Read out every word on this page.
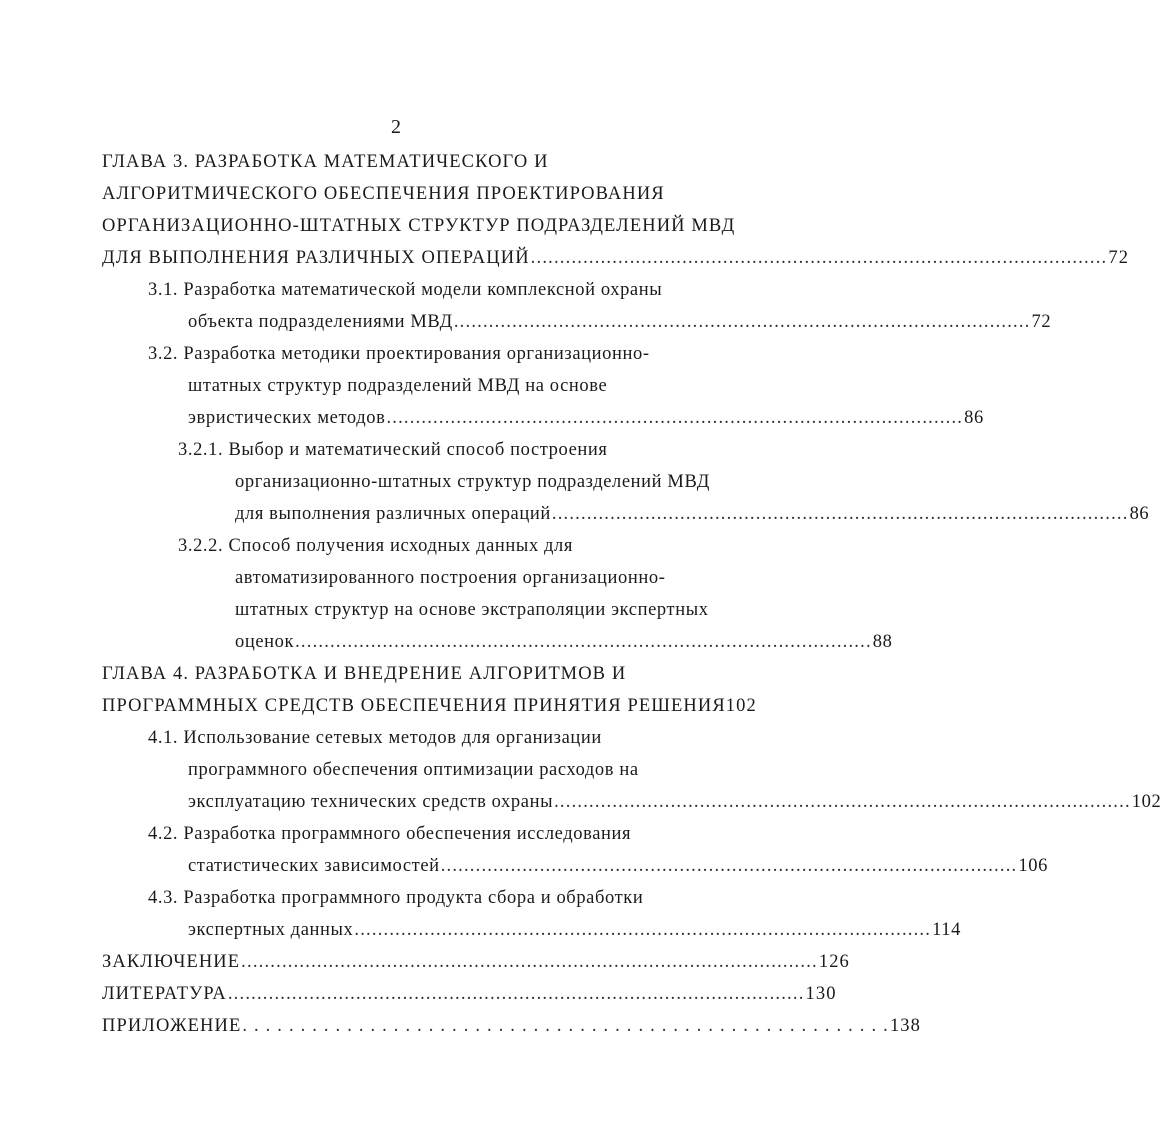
2
ГЛАВА 3. РАЗРАБОТКА МАТЕМАТИЧЕСКОГО И
АЛГОРИТМИЧЕСКОГО ОБЕСПЕЧЕНИЯ ПРОЕКТИРОВАНИЯ
ОРГАНИЗАЦИОННО-ШТАТНЫХ СТРУКТУР ПОДРАЗДЕЛЕНИЙ МВД
ДЛЯ ВЫПОЛНЕНИЯ РАЗЛИЧНЫХ ОПЕРАЦИЙ ................................................................................................... 72
3.1. Разработка математической модели комплексной охраны
объекта подразделениями МВД ................................................................................................... 72
3.2. Разработка методики проектирования организационно-
штатных структур подразделений МВД на основе
эвристических методов ................................................................................................... 86
3.2.1. Выбор и математический способ построения
организационно-штатных структур подразделений МВД
для выполнения различных операций ................................................................................................... 86
3.2.2. Способ получения исходных данных для
автоматизированного построения организационно-
штатных структур на основе экстраполяции экспертных
оценок ................................................................................................... 88
ГЛАВА 4. РАЗРАБОТКА И ВНЕДРЕНИЕ АЛГОРИТМОВ И
ПРОГРАММНЫХ СРЕДСТВ ОБЕСПЕЧЕНИЯ ПРИНЯТИЯ РЕШЕНИЯ102
4.1. Использование сетевых методов для организации
программного обеспечения оптимизации расходов на
эксплуатацию технических средств охраны ................................................................................................... 102
4.2. Разработка программного обеспечения исследования
статистических зависимостей ................................................................................................... 106
4.3. Разработка программного продукта сбора и обработки
экспертных данных ................................................................................................... 114
ЗАКЛЮЧЕНИЕ ................................................................................................... 126
ЛИТЕРАТУРА ................................................................................................... 130
ПРИЛОЖЕНИЕ . . . . . . . . . . . . . . . . . . . . . . . . . . . . . . . . . . . . . . . . . . . . . . . . . . . . . . . . 138
